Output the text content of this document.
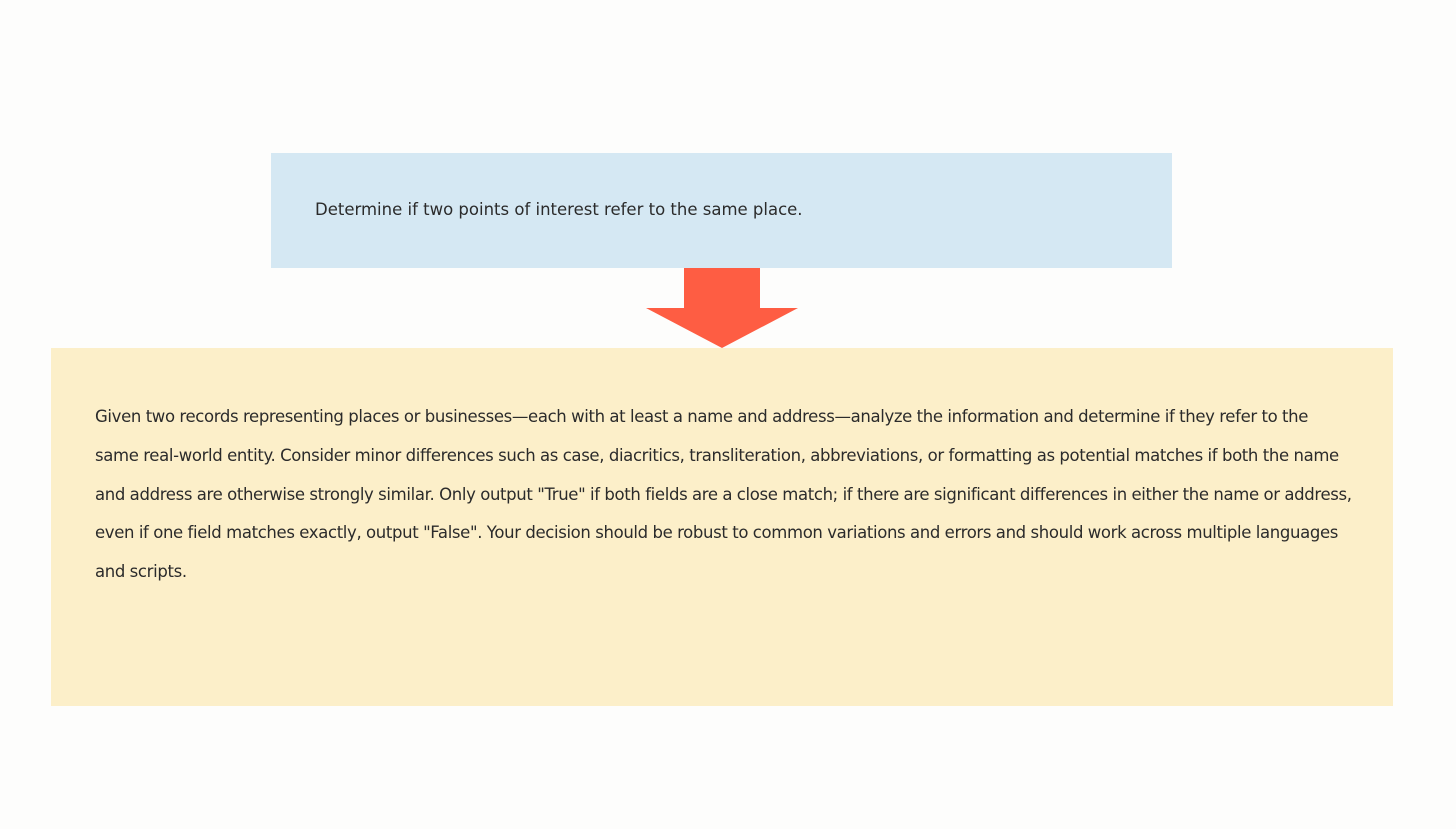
Determine if two points of interest refer to the same place.

Given two records representing places or businesses—each with at least a name and address—analyze the information and determine if they refer to the same real-world entity. Consider minor differences such as case, diacritics, transliteration, abbreviations, or formatting as potential matches if both the name and address are otherwise strongly similar. Only output "True" if both fields are a close match; if there are significant differences in either the name or address, even if one field matches exactly, output "False". Your decision should be robust to common variations and errors and should work across multiple languages and scripts.
